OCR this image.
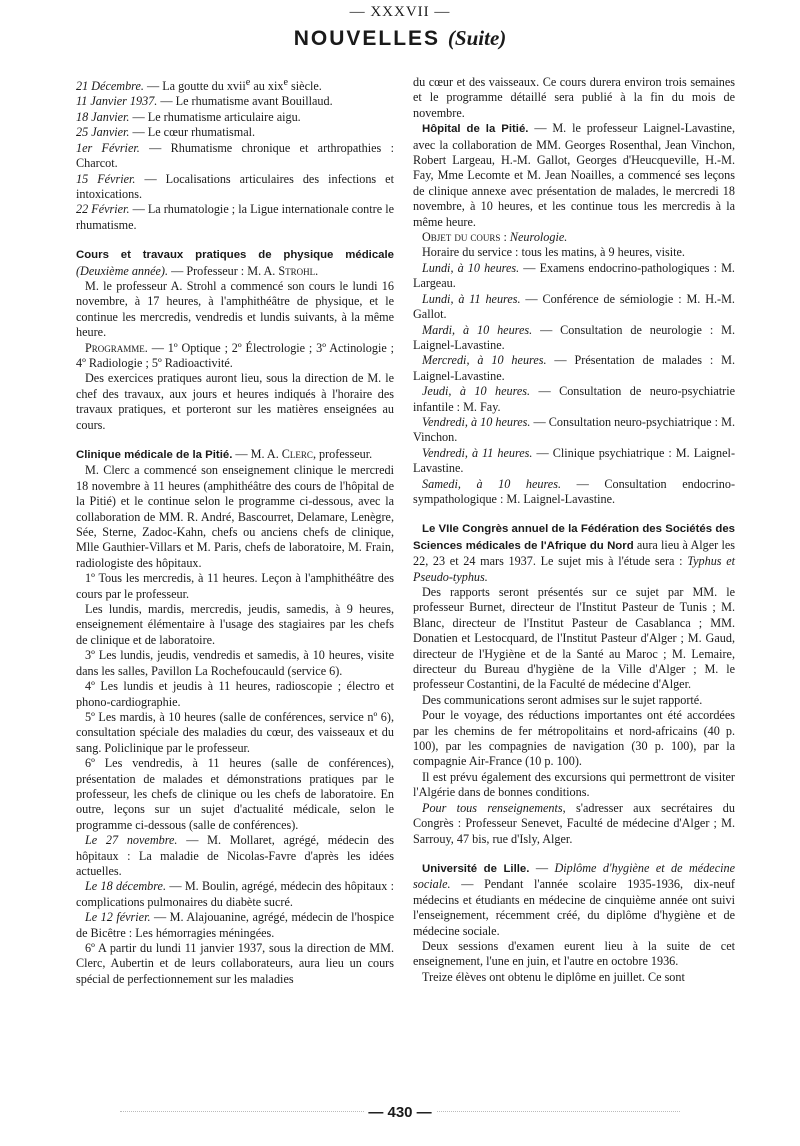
— XXXVII —
NOUVELLES (Suite)

21 Décembre. — La goutte du xvii$^e$ au xix$^e$ siècle.

11 Janvier 1937. — Le rhumatisme avant Bouillaud.

18 Janvier. — Le rhumatisme articulaire aigu.

25 Janvier. — Le cœur rhumatismal.

1er Février. — Rhumatisme chronique et arthropathies : Charcot.

15 Février. — Localisations articulaires des infections et intoxications.

22 Février. — La rhumatologie ; la Ligue internationale contre le rhumatisme.

Cours et travaux pratiques de physique médicale (Deuxième année). — Professeur : M. A. Strohl.

M. le professeur A. Strohl a commencé son cours le lundi 16 novembre, à 17 heures, à l'amphithéâtre de physique, et le continue les mercredis, vendredis et lundis suivants, à la même heure.

Programme. — 1º Optique ; 2º Électrologie ; 3º Actinologie ; 4º Radiologie ; 5º Radioactivité.

Des exercices pratiques auront lieu, sous la direction de M. le chef des travaux, aux jours et heures indiqués à l'horaire des travaux pratiques, et porteront sur les matières enseignées au cours.

Clinique médicale de la Pitié. — M. A. Clerc, professeur.

M. Clerc a commencé son enseignement clinique le mercredi 18 novembre à 11 heures (amphithéâtre des cours de l'hôpital de la Pitié) et le continue selon le programme ci-dessous, avec la collaboration de MM. R. André, Bascourret, Delamare, Lenègre, Sée, Sterne, Zadoc-Kahn, chefs ou anciens chefs de clinique, Mlle Gauthier-Villars et M. Paris, chefs de laboratoire, M. Frain, radiologiste des hôpitaux.

1º Tous les mercredis, à 11 heures. Leçon à l'amphithéâtre des cours par le professeur.

Les lundis, mardis, mercredis, jeudis, samedis, à 9 heures, enseignement élémentaire à l'usage des stagiaires par les chefs de clinique et de laboratoire.

3º Les lundis, jeudis, vendredis et samedis, à 10 heures, visite dans les salles, Pavillon La Rochefoucauld (service 6).

4º Les lundis et jeudis à 11 heures, radioscopie ; électro et phono-cardiographie.

5º Les mardis, à 10 heures (salle de conférences, service nº 6), consultation spéciale des maladies du cœur, des vaisseaux et du sang. Policlinique par le professeur.

6º Les vendredis, à 11 heures (salle de conférences), présentation de malades et démonstrations pratiques par le professeur, les chefs de clinique ou les chefs de laboratoire. En outre, leçons sur un sujet d'actualité médicale, selon le programme ci-dessous (salle de conférences).

Le 27 novembre. — M. Mollaret, agrégé, médecin des hôpitaux : La maladie de Nicolas-Favre d'après les idées actuelles.

Le 18 décembre. — M. Boulin, agrégé, médecin des hôpitaux : complications pulmonaires du diabète sucré.

Le 12 février. — M. Alajouanine, agrégé, médecin de l'hospice de Bicêtre : Les hémorragies méningées.

6º A partir du lundi 11 janvier 1937, sous la direction de MM. Clerc, Aubertin et de leurs collaborateurs, aura lieu un cours spécial de perfectionnement sur les maladies

du cœur et des vaisseaux. Ce cours durera environ trois semaines et le programme détaillé sera publié à la fin du mois de novembre.

Hôpital de la Pitié. — M. le professeur Laignel-Lavastine, avec la collaboration de MM. Georges Rosenthal, Jean Vinchon, Robert Largeau, H.-M. Gallot, Georges d'Heucqueville, H.-M. Fay, Mme Lecomte et M. Jean Noailles, a commencé ses leçons de clinique annexe avec présentation de malades, le mercredi 18 novembre, à 10 heures, et les continue tous les mercredis à la même heure.

Objet du cours : Neurologie.

Horaire du service : tous les matins, à 9 heures, visite.

Lundi, à 10 heures. — Examens endocrino-pathologiques : M. Largeau.

Lundi, à 11 heures. — Conférence de sémiologie : M. H.-M. Gallot.

Mardi, à 10 heures. — Consultation de neurologie : M. Laignel-Lavastine.

Mercredi, à 10 heures. — Présentation de malades : M. Laignel-Lavastine.

Jeudi, à 10 heures. — Consultation de neuro-psychiatrie infantile : M. Fay.

Vendredi, à 10 heures. — Consultation neuro-psychiatrique : M. Vinchon.

Vendredi, à 11 heures. — Clinique psychiatrique : M. Laignel-Lavastine.

Samedi, à 10 heures. — Consultation endocrino-sympathologique : M. Laignel-Lavastine.

Le VIIe Congrès annuel de la Fédération des Sociétés des Sciences médicales de l'Afrique du Nord aura lieu à Alger les 22, 23 et 24 mars 1937. Le sujet mis à l'étude sera : Typhus et Pseudo-typhus.

Des rapports seront présentés sur ce sujet par MM. le professeur Burnet, directeur de l'Institut Pasteur de Tunis ; M. Blanc, directeur de l'Institut Pasteur de Casablanca ; MM. Donatien et Lestocquard, de l'Institut Pasteur d'Alger ; M. Gaud, directeur de l'Hygiène et de la Santé au Maroc ; M. Lemaire, directeur du Bureau d'hygiène de la Ville d'Alger ; M. le professeur Costantini, de la Faculté de médecine d'Alger.

Des communications seront admises sur le sujet rapporté.

Pour le voyage, des réductions importantes ont été accordées par les chemins de fer métropolitains et nord-africains (40 p. 100), par les compagnies de navigation (30 p. 100), par la compagnie Air-France (10 p. 100).

Il est prévu également des excursions qui permettront de visiter l'Algérie dans de bonnes conditions.

Pour tous renseignements, s'adresser aux secrétaires du Congrès : Professeur Senevet, Faculté de médecine d'Alger ; M. Sarrouy, 47 bis, rue d'Isly, Alger.

Université de Lille. — Diplôme d'hygiène et de médecine sociale. — Pendant l'année scolaire 1935-1936, dix-neuf médecins et étudiants en médecine de cinquième année ont suivi l'enseignement, récemment créé, du diplôme d'hygiène et de médecine sociale.

Deux sessions d'examen eurent lieu à la suite de cet enseignement, l'une en juin, et l'autre en octobre 1936.

Treize élèves ont obtenu le diplôme en juillet. Ce sont

— 430 —
